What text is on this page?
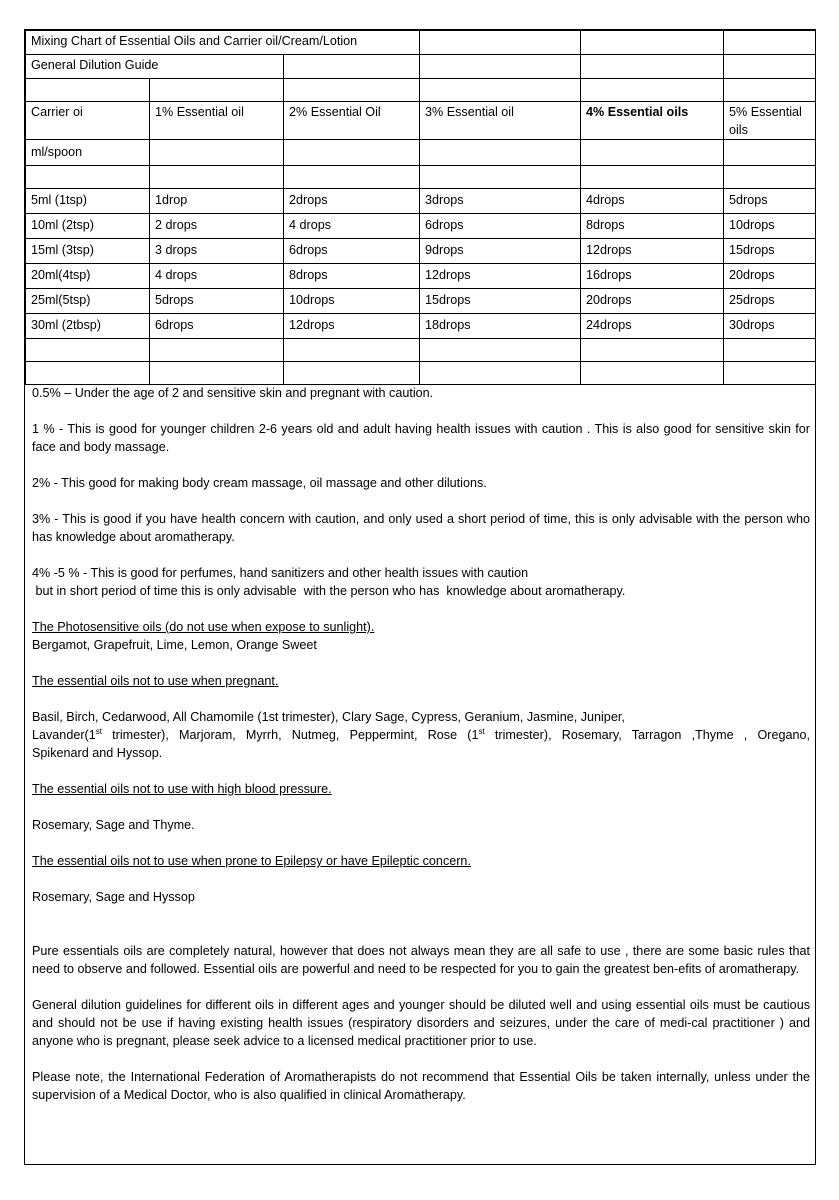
Mixing Chart of Essential Oils and Carrier oil/Cream/Lotion					
General Dilution Guide					

Carrier oi	1% Essential oil	2% Essential Oil	3% Essential oil	4% Essential oils	5% Essential oils
ml/spoon					

5ml (1tsp)	1drop	2drops	3drops	4drops	5drops
10ml (2tsp)	2 drops	4 drops	6drops	8drops	10drops
15ml (3tsp)	3 drops	6drops	9drops	12drops	15drops
20ml(4tsp)	4 drops	8drops	12drops	16drops	20drops
25ml(5tsp)	5drops	10drops	15drops	20drops	25drops
30ml (2tbsp)	6drops	12drops	18drops	24drops	30drops

0.5% – Under the age of 2 and sensitive skin and pregnant with caution.

1 % - This is good for younger children 2-6 years old and adult having health issues with caution . This is also good for sensitive skin for face and body massage.

2% - This good for making body cream massage, oil massage and other dilutions.

3% - This is good if you have health concern with caution, and only used a short period of time, this is only advisable with the person who has knowledge about aromatherapy.

4% -5 % - This is good for perfumes, hand sanitizers and other health issues with caution

but in short period of time this is only advisable  with the person who has  knowledge about aromatherapy.

The Photosensitive oils (do not use when expose to sunlight).

Bergamot, Grapefruit, Lime, Lemon, Orange Sweet

The essential oils not to use when pregnant.

Basil, Birch, Cedarwood, All Chamomile (1st trimester), Clary Sage, Cypress, Geranium, Jasmine, Juniper,

Lavander(1st trimester), Marjoram, Myrrh, Nutmeg, Peppermint, Rose (1st trimester), Rosemary, Tarragon ,Thyme , Oregano,

Spikenard and Hyssop.

The essential oils not to use with high blood pressure.

Rosemary, Sage and Thyme.

The essential oils not to use when prone to Epilepsy or have Epileptic concern.

Rosemary, Sage and Hyssop

Pure essentials oils are completely natural, however that does not always mean they are all safe to use , there are some basic rules that need to observe and followed. Essential oils are powerful and need to be respected for you to gain the greatest ben-efits of aromatherapy.

General dilution guidelines for different oils in different ages and younger should be diluted well and using essential oils must be cautious and should not be use if having existing health issues (respiratory disorders and seizures, under the care of medi-cal practitioner ) and anyone who is pregnant, please seek advice to a licensed medical practitioner prior to use.

Please note, the International Federation of Aromatherapists do not recommend that Essential Oils be taken internally, unless under the supervision of a Medical Doctor, who is also qualified in clinical Aromatherapy.
